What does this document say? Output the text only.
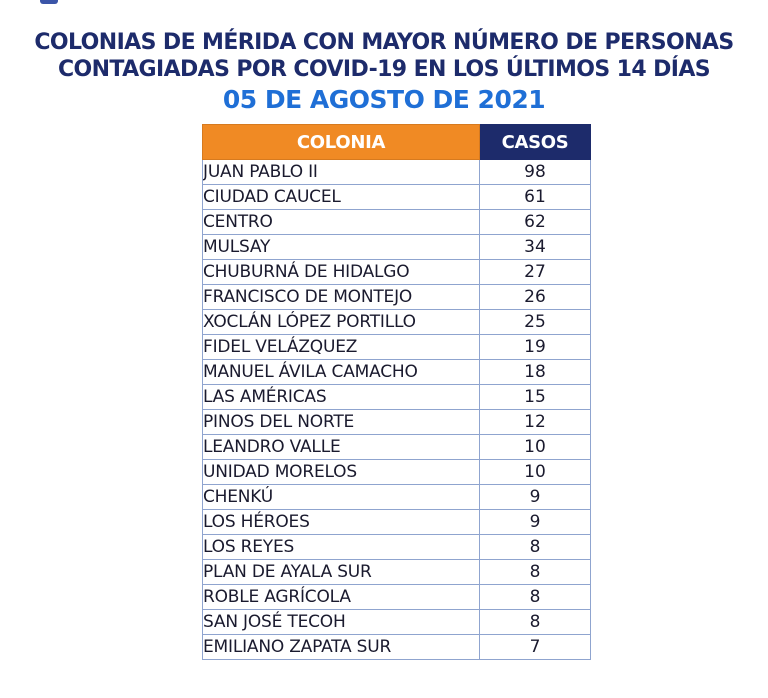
COLONIAS DE MÉRIDA CON MAYOR NÚMERO DE PERSONAS
CONTAGIADAS POR COVID-19 EN LOS ÚLTIMOS 14 DÍAS
05 DE AGOSTO DE 2021
COLONIA	CASOS
JUAN PABLO II	98
CIUDAD CAUCEL	61
CENTRO	62
MULSAY	34
CHUBURNÁ DE HIDALGO	27
FRANCISCO DE MONTEJO	26
XOCLÁN LÓPEZ PORTILLO	25
FIDEL VELÁZQUEZ	19
MANUEL ÁVILA CAMACHO	18
LAS AMÉRICAS	15
PINOS DEL NORTE	12
LEANDRO VALLE	10
UNIDAD MORELOS	10
CHENKÚ	9
LOS HÉROES	9
LOS REYES	8
PLAN DE AYALA SUR	8
ROBLE AGRÍCOLA	8
SAN JOSÉ TECOH	8
EMILIANO ZAPATA SUR	7
